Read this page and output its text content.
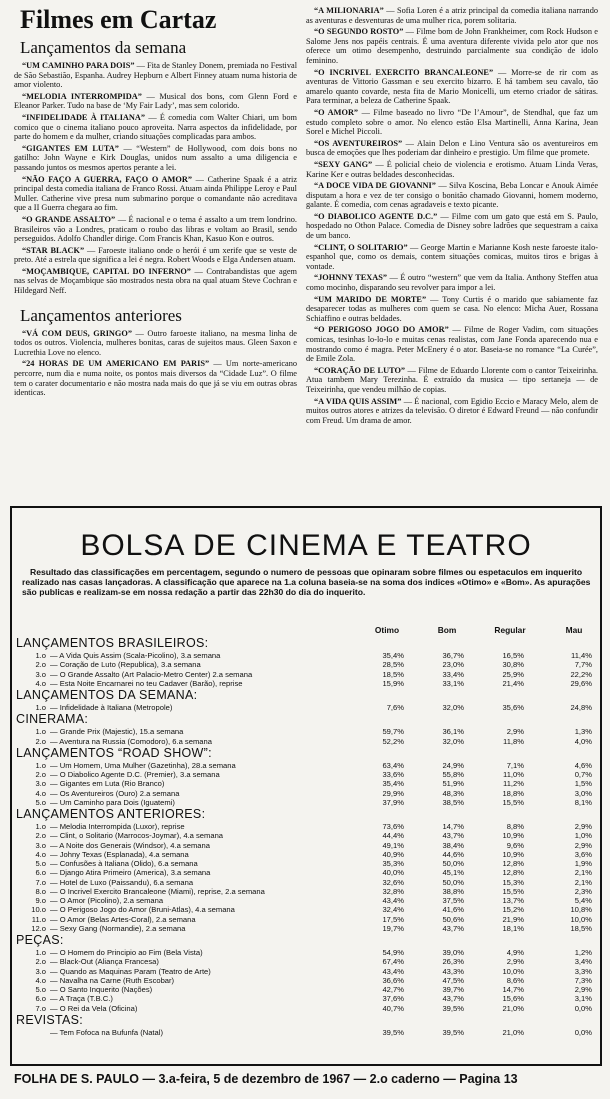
Filmes em Cartaz
Lançamentos da semana
“UM CAMINHO PARA DOIS” — Fita de Stanley Donem, premiada no Festival de São Sebastião, Espanha. Audrey Hepburn e Albert Finney atuam numa historia de amor violento.
“MELODIA INTERROMPIDA” — Musical dos bons, com Glenn Ford e Eleanor Parker. Tudo na base de ‘My Fair Lady’, mas sem colorido.
“INFIDELIDADE À ITALIANA” — É comedia com Walter Chiari, um bom comico que o cinema italiano pouco aproveita. Narra aspectos da infidelidade, por parte do homem e da mulher, criando situações complicadas para ambos.
“GIGANTES EM LUTA” — “Western” de Hollywood, com dois bons no gatilho: John Wayne e Kirk Douglas, unidos num assalto a uma diligencia e passando juntos os mesmos apertos perante a lei.
“NÃO FAÇO A GUERRA, FAÇO O AMOR” — Catherine Spaak é a atriz principal desta comedia italiana de Franco Rossi. Atuam ainda Philippe Leroy e Paul Muller. Catherine vive presa num submarino porque o comandante não acreditava que a II Guerra chegara ao fim.
“O GRANDE ASSALTO” — É nacional e o tema é assalto a um trem londrino. Brasileiros vão a Londres, praticam o roubo das libras e voltam ao Brasil, sendo perseguidos. Adolfo Chandler dirige. Com Francis Khan, Kasuo Kon e outros.
“STAR BLACK” — Faroeste italiano onde o herói é um xerife que se veste de preto. Até a estrela que significa a lei é negra. Robert Woods e Elga Andersen atuam.
“MOÇAMBIQUE, CAPITAL DO INFERNO” — Contrabandistas que agem nas selvas de Moçambique são mostrados nesta obra na qual atuam Steve Cochran e Hildegard Neff.
Lançamentos anteriores
“VÁ COM DEUS, GRINGO” — Outro faroeste italiano, na mesma linha de todos os outros. Violencia, mulheres bonitas, caras de sujeitos maus. Gleen Saxon e Lucrethia Love no elenco.
“24 HORAS DE UM AMERICANO EM PARIS” — Um norte-americano percorre, num dia e numa noite, os pontos mais diversos da “Cidade Luz”. O filme tem o carater documentario e não mostra nada mais do que já se viu em outras obras identicas.
“A MILIONARIA” — Sofia Loren é a atriz principal da comedia italiana narrando as aventuras e desventuras de uma mulher rica, porem solitaria.
“O SEGUNDO ROSTO” — Filme bom de John Frankheimer, com Rock Hudson e Salome Jens nos papéis centrais. É uma aventura diferente vivida pelo ator que nos oferece um otimo desempenho, destruindo parcialmente sua condição de idolo feminino.
“O INCRIVEL EXERCITO BRANCALEONE” — Morre-se de rir com as aventuras de Vittorio Gassman e seu exercito bizarro. E há tambem seu cavalo, tão amarelo quanto covarde, nesta fita de Mario Monicelli, um eterno criador de sátiras. Para terminar, a beleza de Catherine Spaak.
“O AMOR” — Filme baseado no livro “De l’Amour”, de Stendhal, que faz um estudo completo sobre o amor. No elenco estão Elsa Martinelli, Anna Karina, Jean Sorel e Michel Piccoli.
“OS AVENTUREIROS” — Alain Delon e Lino Ventura são os aventureiros em busca de emoções que lhes poderiam dar dinheiro e prestigio. Um filme que promete.
“SEXY GANG” — É policial cheio de violencia e erotismo. Atuam Linda Veras, Karine Ker e outras beldades desconhecidas.
“A DOCE VIDA DE GIOVANNI” — Silva Koscina, Beba Loncar e Anouk Aimée disputam a hora e vez de ter consigo o bonitão chamado Giovanni, homem moderno, galante. É comedia, com cenas agradaveis e texto picante.
“O DIABOLICO AGENTE D.C.” — Filme com um gato que está em S. Paulo, hospedado no Othon Palace. Comedia de Disney sobre ladrões que sequestram a caixa de um banco.
“CLINT, O SOLITARIO” — George Martin e Marianne Kosh neste faroeste italo-espanhol que, como os demais, contem situações comicas, muitos tiros e brigas à vontade.
“JOHNNY TEXAS” — É outro “western” que vem da Italia. Anthony Steffen atua como mocinho, disparando seu revolver para impor a lei.
“UM MARIDO DE MORTE” — Tony Curtis é o marido que sabiamente faz desaparecer todas as mulheres com quem se casa. No elenco: Micha Auer, Rossana Schiaffino e outras beldades.
“O PERIGOSO JOGO DO AMOR” — Filme de Roger Vadim, com situações comicas, tesinhas lo-lo-lo e muitas cenas realistas, com Jane Fonda aparecendo nua e mostrando como é magra. Peter McEnery é o ator. Baseia-se no romance “La Curée”, de Emile Zola.
“CORAÇÃO DE LUTO” — Filme de Eduardo Llorente com o cantor Teixeirinha. Atua tambem Mary Terezinha. É extraído da musica — tipo sertaneja — de Teixeirinha, que vendeu milhão de copias.
“A VIDA QUIS ASSIM” — É nacional, com Egidio Eccio e Maracy Melo, alem de muitos outros atores e atrizes da televisão. O diretor é Edward Freund — não confundir com Freud. Um drama de amor.
BOLSA DE CINEMA E TEATRO
Resultado das classificações em percentagem, segundo o numero de pessoas que opinaram sobre filmes ou espetaculos em inquerito realizado nas casas lançadoras. A classificação que aparece na 1.a coluna baseia-se na soma dos indices «Otimo» e «Bom». As apurações são publicas e realizam-se em nossa redação a partir das 22h30 do dia do inquerito.
Otimo	Bom	Regular	Mau
LANÇAMENTOS BRASILEIROS:
1.o — A Vida Quis Assim (Scala-Picolino), 3.a semana	35,4%	36,7%	16,5%	11,4%
2.o — Coração de Luto (Republica), 3.a semana	28,5%	23,0%	30,8%	7,7%
3.o — O Grande Assalto (Art Palacio-Metro Center) 2.a semana	18,5%	33,4%	25,9%	22,2%
4.o — Esta Noite Encarnarei no teu Cadaver (Barão), reprise	15,9%	33,1%	21,4%	29,6%
LANÇAMENTOS DA SEMANA:
1.o — Infidelidade à Italiana (Metropole)	7,6%	32,0%	35,6%	24,8%
CINERAMA:
1.o — Grande Prix (Majestic), 15.a semana	59,7%	36,1%	2,9%	1,3%
2.o — Aventura na Russia (Comodoro), 6.a semana	52,2%	32,0%	11,8%	4,0%
LANÇAMENTOS “ROAD SHOW”:
1.o — Um Homem, Uma Mulher (Gazetinha), 28.a semana	63,4%	24,9%	7,1%	4,6%
2.o — O Diabolico Agente D.C. (Premier), 3.a semana	33,6%	55,8%	11,0%	0,7%
3.o — Gigantes em Luta (Rio Branco)	35,4%	51,9%	11,2%	1,5%
4.o — Os Aventureiros (Ouro) 2.a semana	29,9%	48,3%	18,8%	3,0%
5.o — Um Caminho para Dois (Iguatemi)	37,9%	38,5%	15,5%	8,1%
LANÇAMENTOS ANTERIORES:
1.o — Melodia Interrompida (Luxor), reprise	73,6%	14,7%	8,8%	2,9%
2.o — Clint, o Solitario (Marrocos-Joymar), 4.a semana	44,4%	43,7%	10,9%	1,0%
3.o — A Noite dos Generais (Windsor), 4.a semana	49,1%	38,4%	9,6%	2,9%
4.o — Johny Texas (Esplanada), 4.a semana	40,9%	44,6%	10,9%	3,6%
5.o — Confusões à Italiana (Olido), 6.a semana	35,3%	50,0%	12,8%	1,9%
6.o — Django Atira Primeiro (America), 3.a semana	40,0%	45,1%	12,8%	2,1%
7.o — Hotel de Luxo (Paissandu), 6.a semana	32,6%	50,0%	15,3%	2,1%
8.o — O Incrivel Exercito Brancaleone (Miami), reprise, 2.a semana	32,8%	38,8%	15,5%	2,3%
9.o — O Amor (Picolino), 2.a semana	43,4%	37,5%	13,7%	5,4%
10.o — O Perigoso Jogo do Amor (Bruni-Atlas), 4.a semana	32,4%	41,6%	15,2%	10,8%
11.o — O Amor (Belas Artes-Coral), 2.a semana	17,5%	50,6%	21,9%	10,0%
12.o — Sexy Gang (Normandie), 2.a semana	19,7%	43,7%	18,1%	18,5%
PEÇAS:
1.o — O Homem do Principio ao Fim (Bela Vista)	54,9%	39,0%	4,9%	1,2%
2.o — Black-Out (Aliança Francesa)	67,4%	26,3%	2,9%	3,4%
3.o — Quando as Maquinas Param (Teatro de Arte)	43,4%	43,3%	10,0%	3,3%
4.o — Navalha na Carne (Ruth Escobar)	36,6%	47,5%	8,6%	7,3%
5.o — O Santo Inquerito (Nações)	42,7%	39,7%	14,7%	2,9%
6.o — A Traça (T.B.C.)	37,6%	43,7%	15,6%	3,1%
7.o — O Rei da Vela (Oficina)	40,7%	39,5%	21,0%	0,0%
REVISTAS:
— Tem Fofoca na Bufunfa (Natal)	39,5%	39,5%	21,0%	0,0%
FOLHA DE S. PAULO — 3.a-feira, 5 de dezembro de 1967 — 2.o caderno — Pagina 13
